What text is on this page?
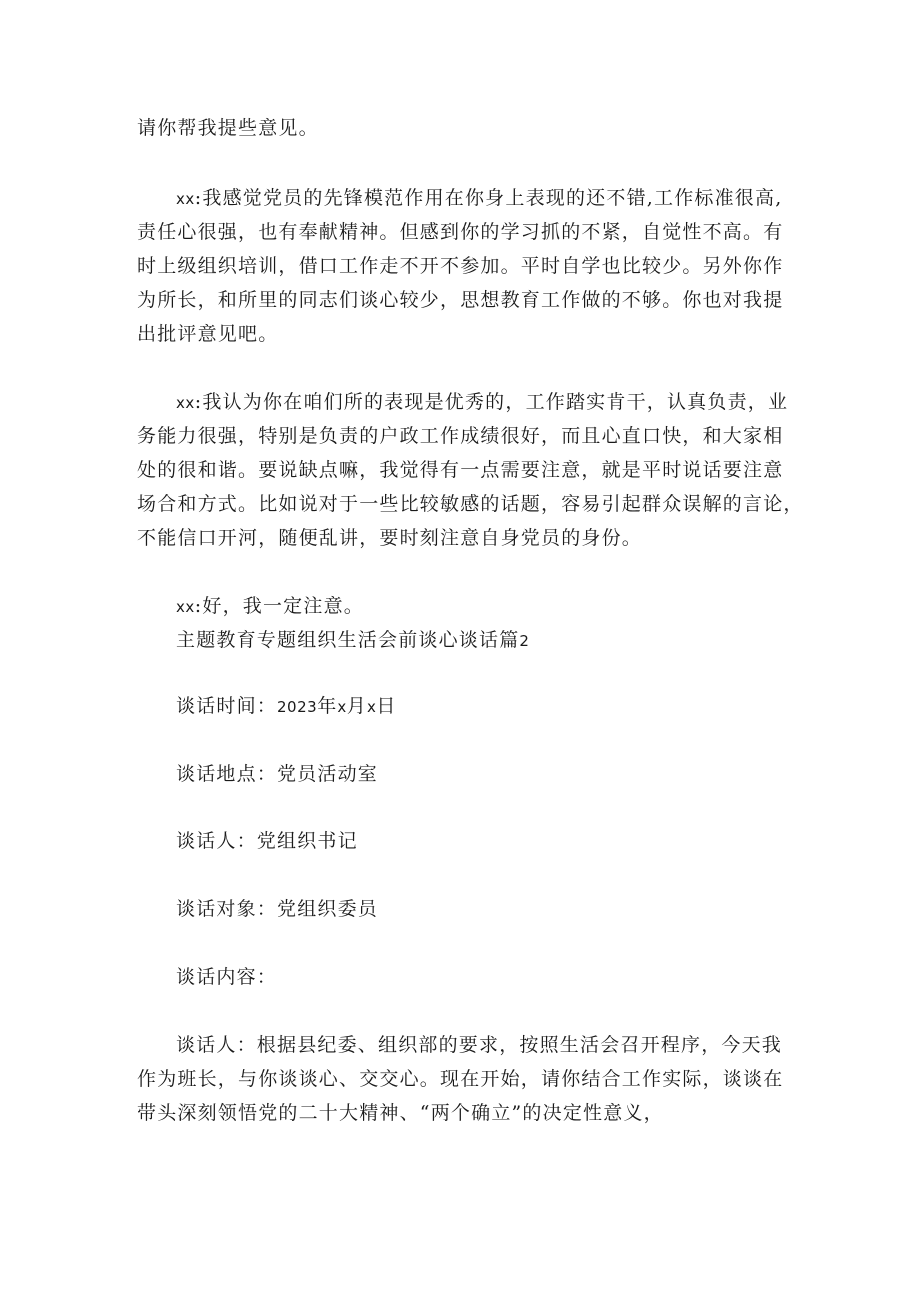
请你帮我提些意见。
xx:我感觉党员的先锋模范作用在你身上表现的还不错,工作标准很高,
责任心很强，也有奉献精神。但感到你的学习抓的不紧，自觉性不高。有
时上级组织培训，借口工作走不开不参加。平时自学也比较少。另外你作
为所长，和所里的同志们谈心较少，思想教育工作做的不够。你也对我提
出批评意见吧。
xx:我认为你在咱们所的表现是优秀的，工作踏实肯干，认真负责，业
务能力很强，特别是负责的户政工作成绩很好，而且心直口快，和大家相
处的很和谐。要说缺点嘛，我觉得有一点需要注意，就是平时说话要注意
场合和方式。比如说对于一些比较敏感的话题，容易引起群众误解的言论，
不能信口开河，随便乱讲，要时刻注意自身党员的身份。
xx:好，我一定注意。
主题教育专题组织生活会前谈心谈话篇2
谈话时间：2023年x月x日
谈话地点：党员活动室
谈话人：党组织书记
谈话对象：党组织委员
谈话内容：
谈话人：根据县纪委、组织部的要求，按照生活会召开程序，今天我
作为班长，与你谈谈心、交交心。现在开始，请你结合工作实际，谈谈在
带头深刻领悟党的二十大精神、“两个确立”的决定性意义，
